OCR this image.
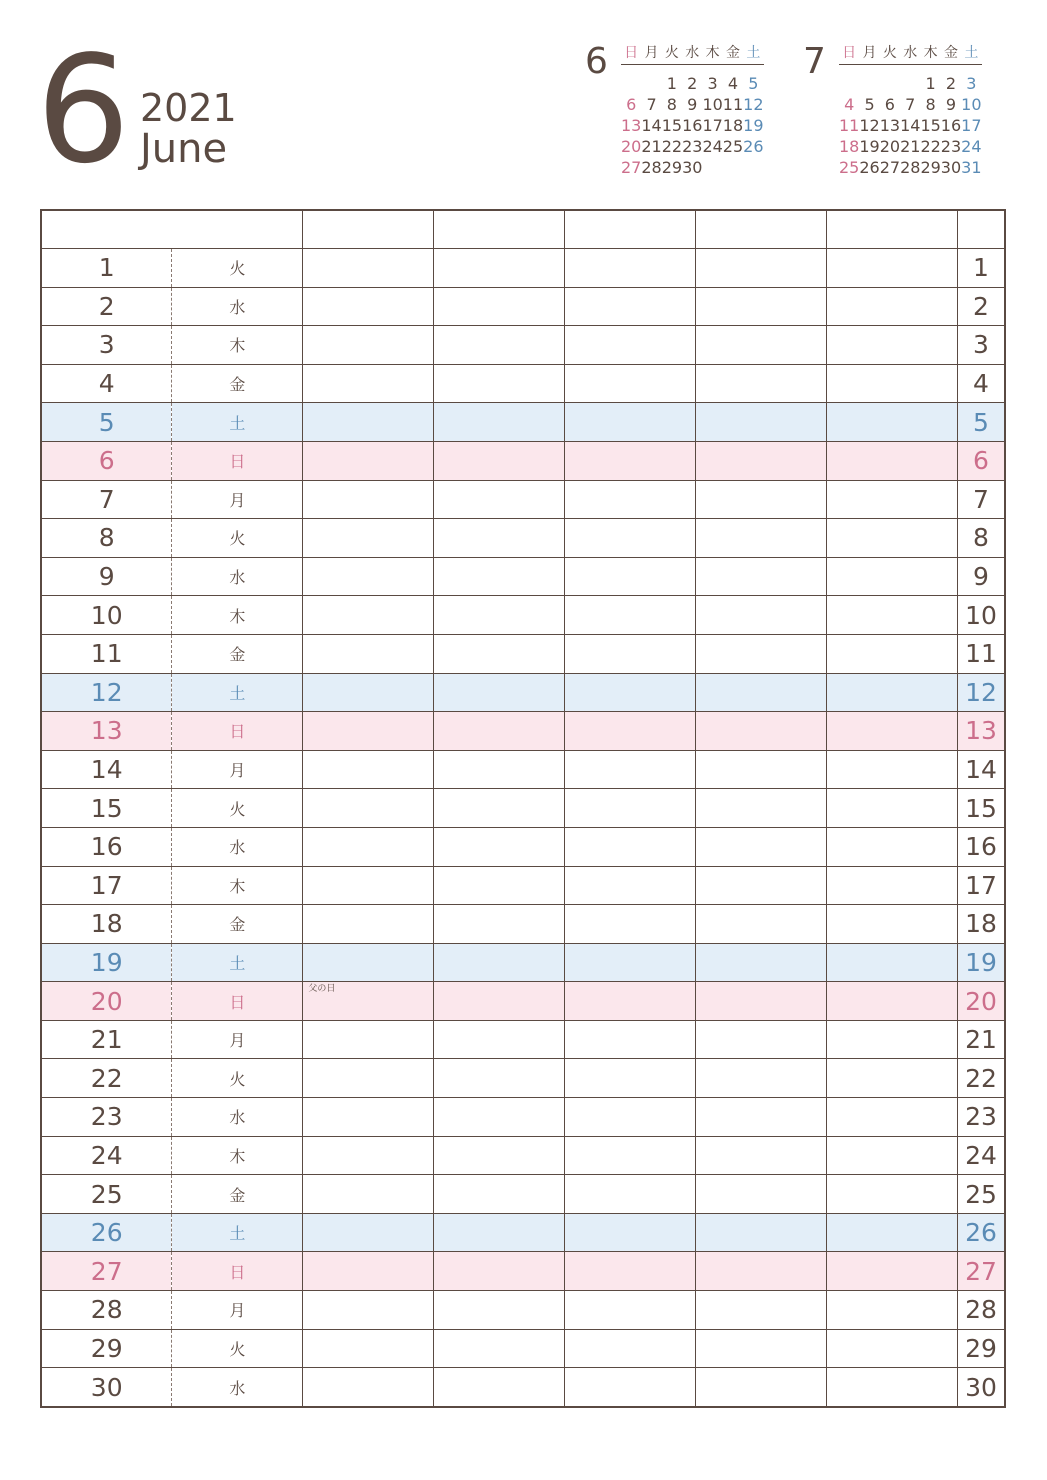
6 2021
June
6 日	月	火	水	木	金	土

		1	2	3	4	5
6	7	8	9	10	11	12
13	14	15	16	17	18	19
20	21	22	23	24	25	26
27	28	29	30			
7 日	月	火	水	木	金	土

				1	2	3
4	5	6	7	8	9	10
11	12	13	14	15	16	17
18	19	20	21	22	23	24
25	26	27	28	29	30	31

1	火						1
2	水						2
3	木						3
4	金						4
5	土						5
6	日						6
7	月						7
8	火						8
9	水						9
10	木						10
11	金						11
12	土						12
13	日						13
14	月						14
15	火						15
16	水						16
17	木						17
18	金						18
19	土						19
20	日	父の日					20
21	月						21
22	火						22
23	水						23
24	木						24
25	金						25
26	土						26
27	日						27
28	月						28
29	火						29
30	水						30
